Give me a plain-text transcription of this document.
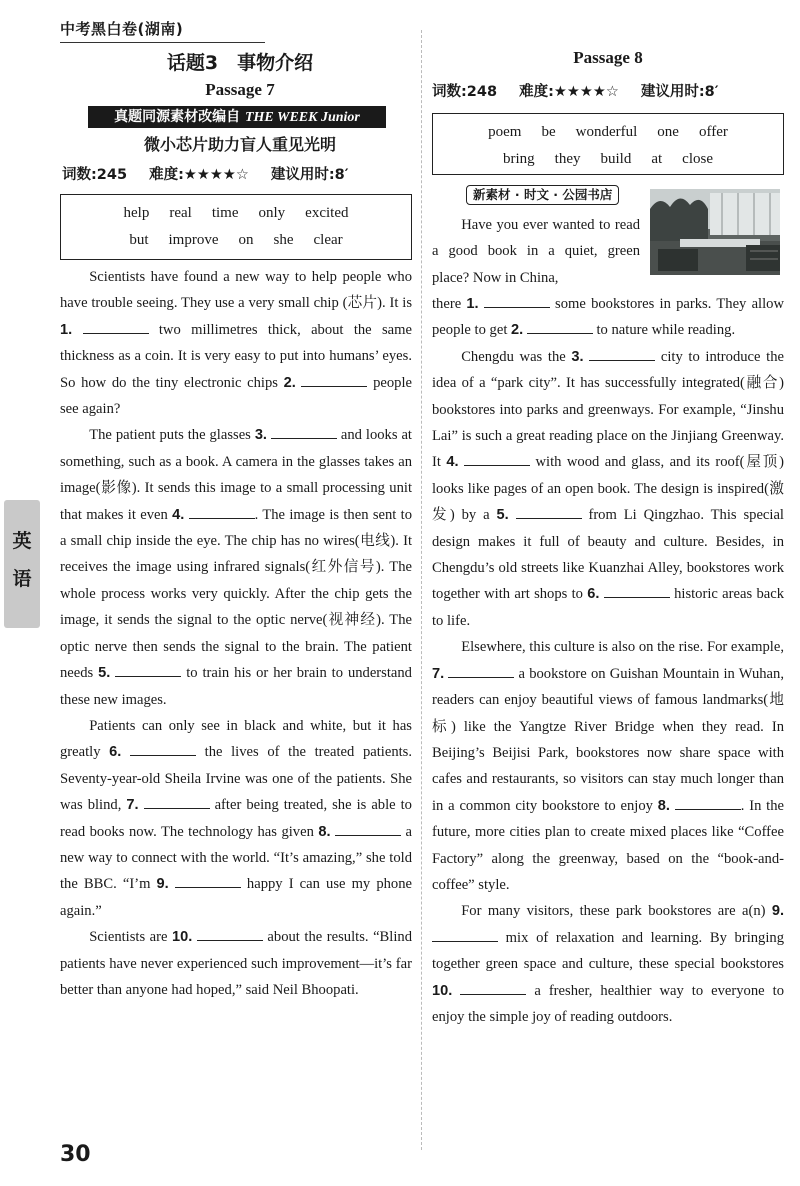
中考黑白卷(湖南)
话题3　事物介绍
Passage 7
真题同源素材改编自 THE WEEK Junior
微小芯片助力盲人重见光明
词数:245 难度:★★★★☆ 建议用时:8′
help real time only excited
but improve on she clear

Scientists have found a new way to help people who have trouble seeing. They use a very small chip (芯片). It is 1.	two millimetres thick, about the same thickness as a coin. It is very easy to put into humans’ eyes. So how do the tiny electronic chips 2.	people see again?

The patient puts the glasses 3.	and looks at something, such as a book. A camera in the glasses takes an image(影像). It sends this image to a small processing unit that makes it even 4.	. The image is then sent to a small chip inside the eye. The chip has no wires(电线). It receives the image using infrared signals(红外信号). The whole process works very quickly. After the chip gets the image, it sends the signal to the optic nerve(视神经). The optic nerve then sends the signal to the brain. The patient needs 5.	to train his or her brain to understand these new images.

Patients can only see in black and white, but it has greatly 6.	the lives of the treated patients. Seventy-year-old Sheila Irvine was one of the patients. She was blind, 7.	after being treated, she is able to read books now. The technology has given 8.	a new way to connect with the world. “It’s amazing,” she told the BBC. “I’m 9.	happy I can use my phone again.”

Scientists are 10.	about the results. “Blind patients have never experienced such improvement—it’s far better than anyone had hoped,” said Neil Bhoopati.

Passage 8
词数:248 难度:★★★★☆ 建议用时:8′
poem be wonderful one offer
bring they build at close
新素材 · 时文 · 公园书店

Have you ever wanted to read a good book in a quiet, green place? Now in China,

there 1.	some bookstores in parks. They allow people to get 2.	to nature while reading.

Chengdu was the 3.	city to introduce the idea of a “park city”. It has successfully integrated(融合) bookstores into parks and greenways. For example, “Jinshu Lai” is such a great reading place on the Jinjiang Greenway. It 4.	with wood and glass, and its roof(屋顶) looks like pages of an open book. The design is inspired(激发) by a 5.	from Li Qingzhao. This special design makes it full of beauty and culture. Besides, in Chengdu’s old streets like Kuanzhai Alley, bookstores work together with art shops to 6.	historic areas back to life.

Elsewhere, this culture is also on the rise. For example, 7.	a bookstore on Guishan Mountain in Wuhan, readers can enjoy beautiful views of famous landmarks(地标) like the Yangtze River Bridge when they read. In Beijing’s Beijisi Park, bookstores now share space with cafes and restaurants, so visitors can stay much longer than in a common city bookstore to enjoy 8.	. In the future, more cities plan to create mixed places like “Coffee Factory” along the greenway, based on the “book-and-coffee” style.

For many visitors, these park bookstores are a(n) 9.  mix of relaxation and learning. By bringing together green space and culture, these special bookstores 10.	a fresher, healthier way to everyone to enjoy the simple joy of reading outdoors.

英
语
30
